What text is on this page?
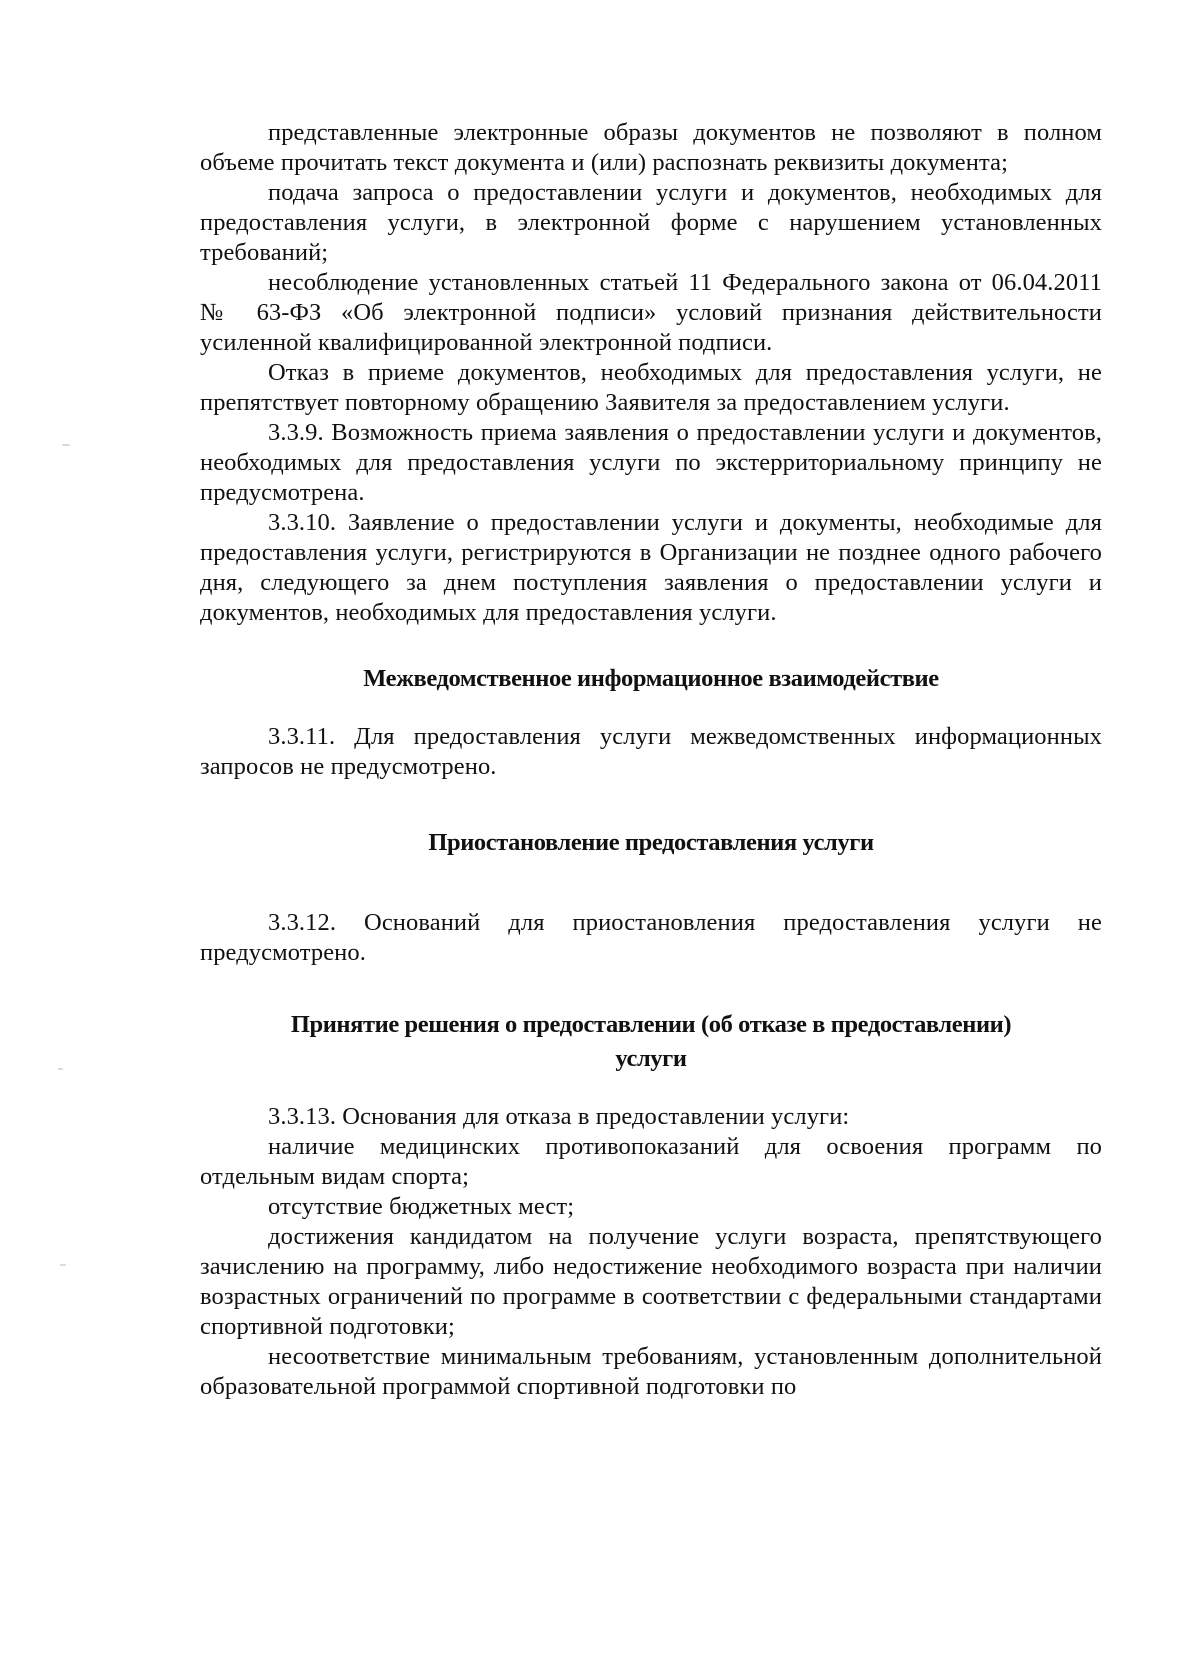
представленные электронные образы документов не позволяют в полном объеме прочитать текст документа и (или) распознать реквизиты документа;

подача запроса о предоставлении услуги и документов, необходимых для предоставления услуги, в электронной форме с нарушением установленных требований;

несоблюдение установленных статьей 11 Федерального закона от 06.04.2011 № 63-ФЗ «Об электронной подписи» условий признания действительности усиленной квалифицированной электронной подписи.

Отказ в приеме документов, необходимых для предоставления услуги, не препятствует повторному обращению Заявителя за предоставлением услуги.

3.3.9. Возможность приема заявления о предоставлении услуги и документов, необходимых для предоставления услуги по экстерриториальному принципу не предусмотрена.

3.3.10. Заявление о предоставлении услуги и документы, необходимые для предоставления услуги, регистрируются в Организации не позднее одного рабочего дня, следующего за днем поступления заявления о предоставлении услуги и документов, необходимых для предоставления услуги.

Межведомственное информационное взаимодействие

3.3.11. Для предоставления услуги межведомственных информационных запросов не предусмотрено.

Приостановление предоставления услуги

3.3.12. Оснований для приостановления предоставления услуги не предусмотрено.

Принятие решения о предоставлении (об отказе в предоставлении)
услуги

3.3.13. Основания для отказа в предоставлении услуги:

наличие медицинских противопоказаний для освоения программ по отдельным видам спорта;

отсутствие бюджетных мест;

достижения кандидатом на получение услуги возраста, препятствующего зачислению на программу, либо недостижение необходимого возраста при наличии возрастных ограничений по программе в соответствии с федеральными стандартами спортивной подготовки;

несоответствие минимальным требованиям, установленным дополнительной образовательной программой спортивной подготовки по
